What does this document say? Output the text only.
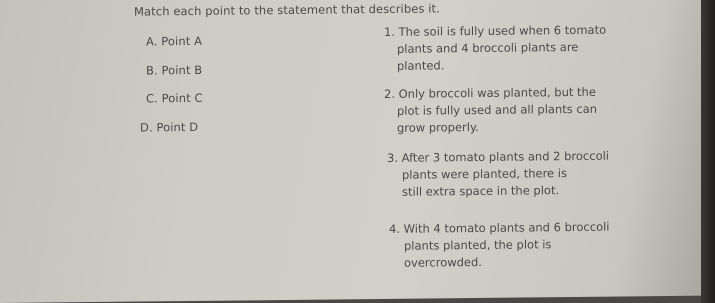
Match each point to the statement that describes it.
A. Point A
B. Point B
C. Point C
D. Point D
1. The soil is fully used when 6 tomato
plants and 4 broccoli plants are
planted.
2. Only broccoli was planted, but the
plot is fully used and all plants can
grow properly.
3. After 3 tomato plants and 2 broccoli
plants were planted, there is
still extra space in the plot.
4. With 4 tomato plants and 6 broccoli
plants planted, the plot is
overcrowded.
